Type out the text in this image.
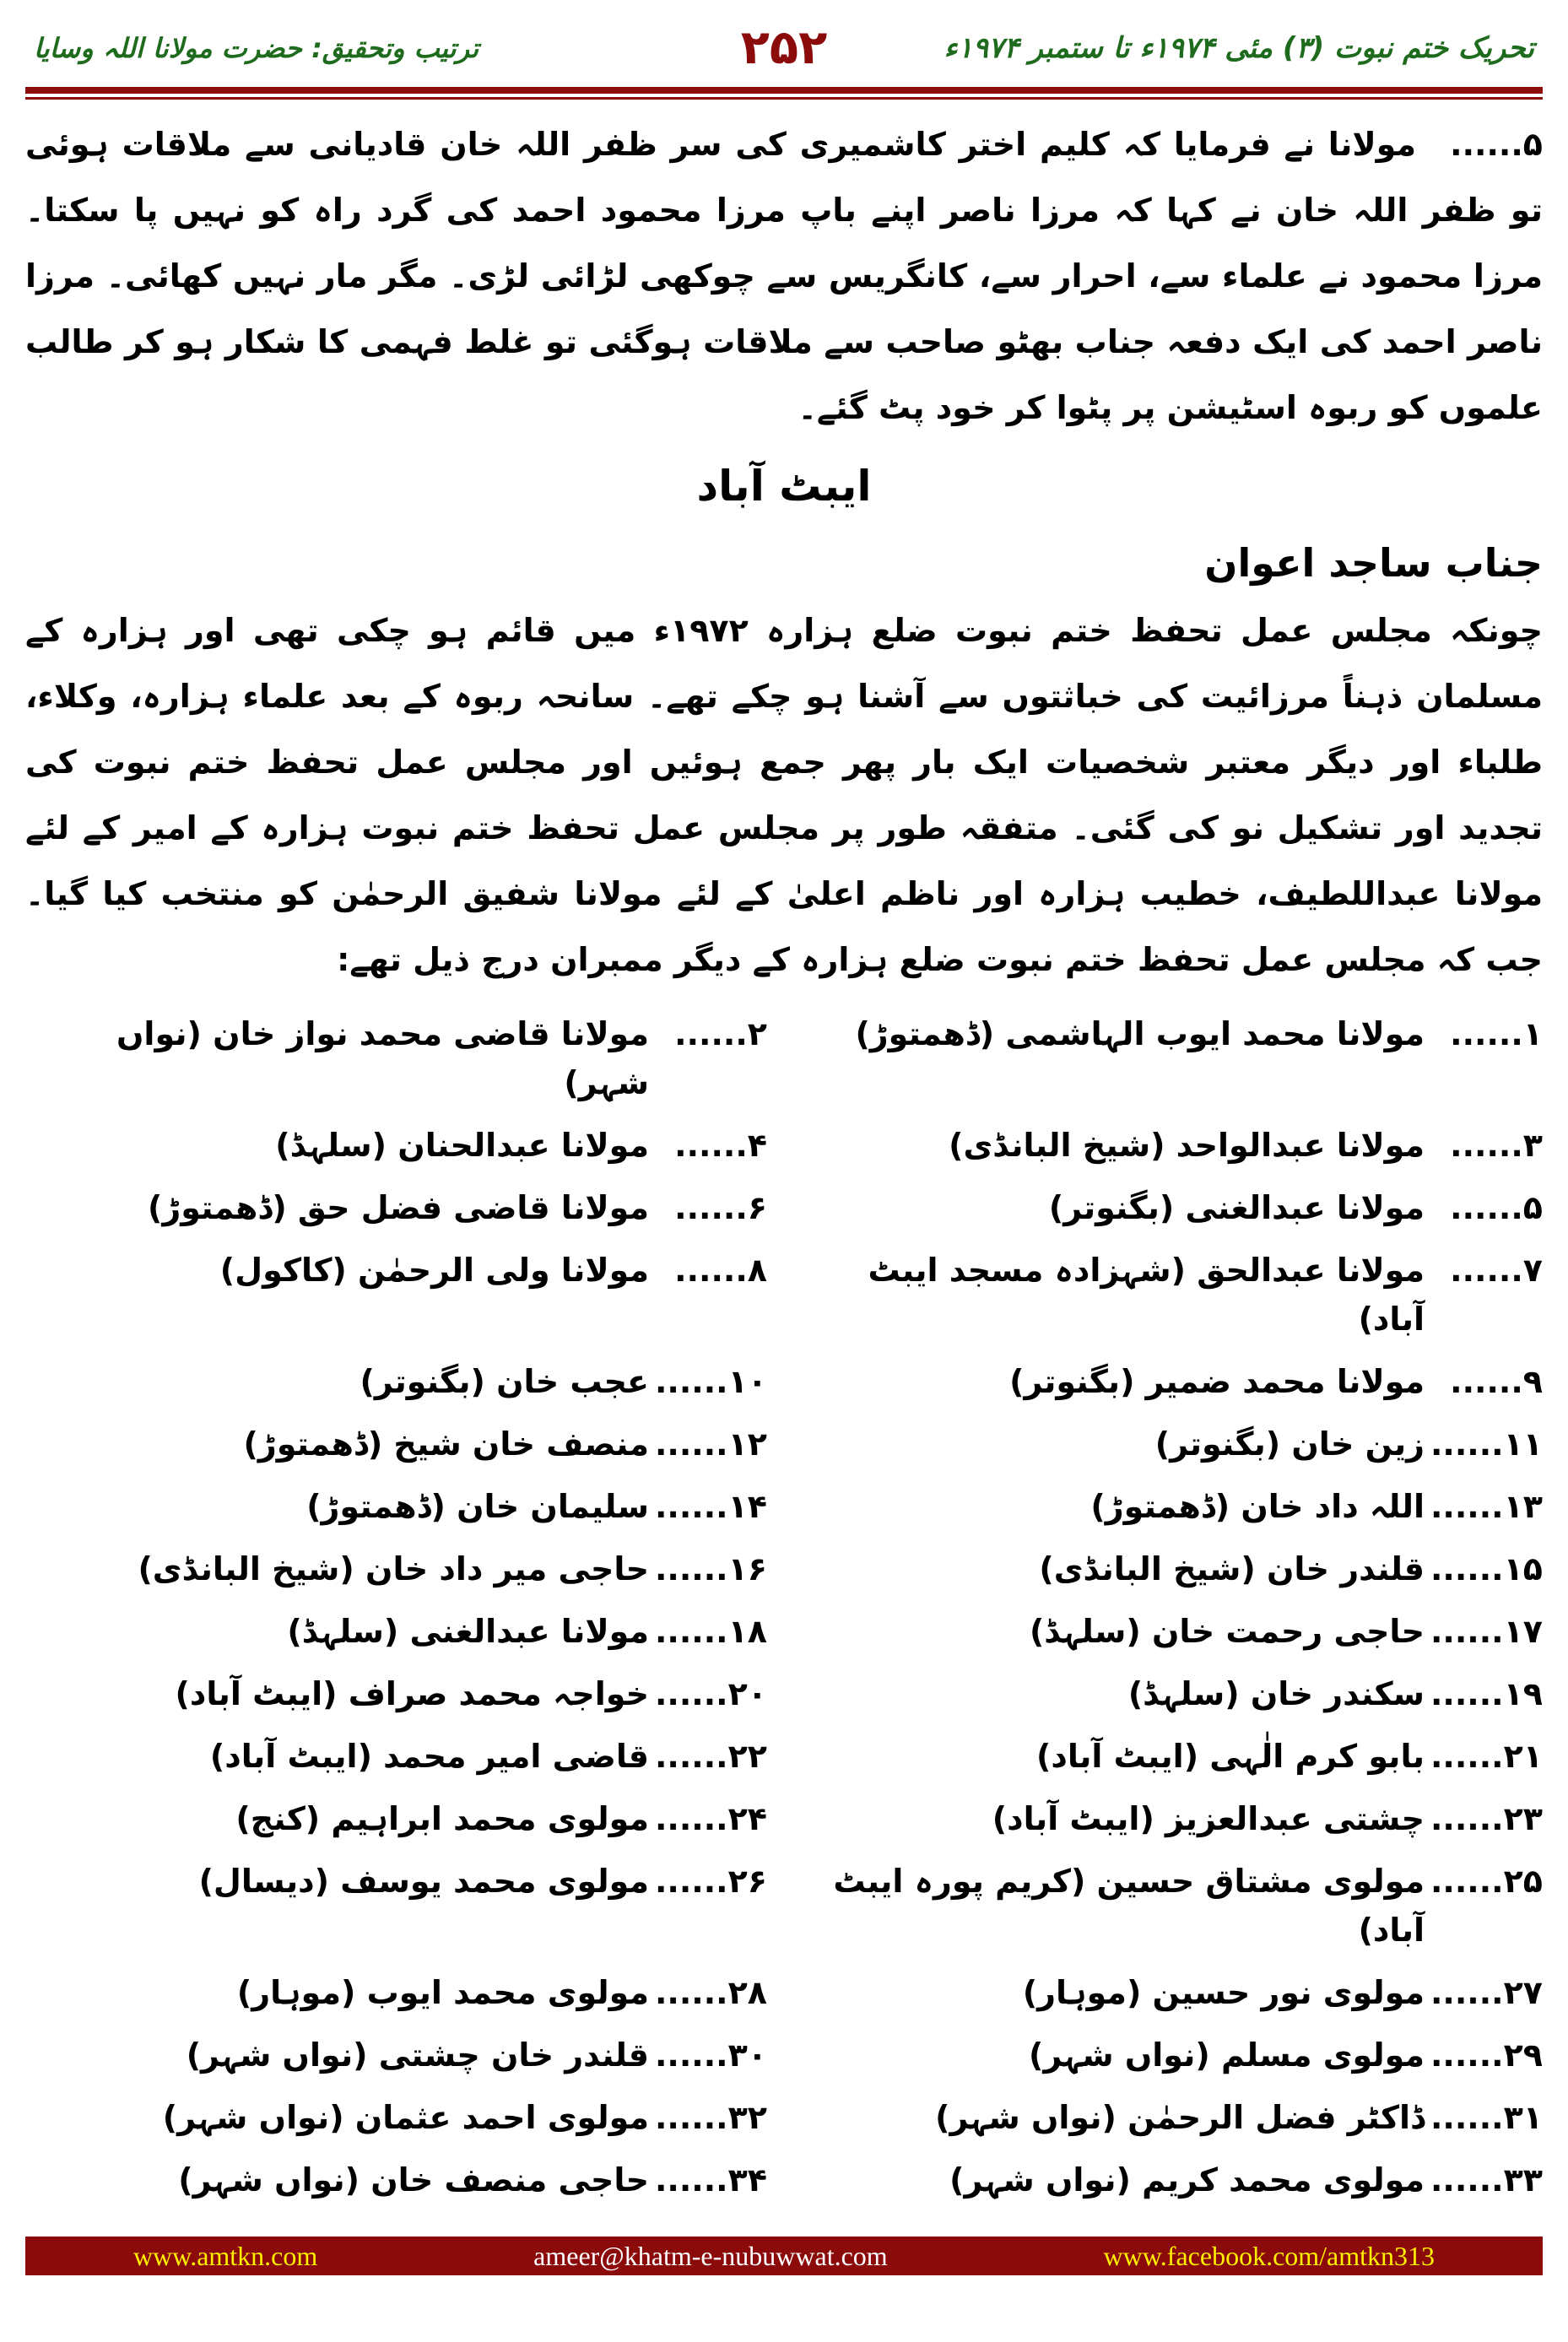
تحریک ختم نبوت (۳) مئی ۱۹۷۴ء تا ستمبر ۱۹۷۴ء
۲۵۲
ترتیب وتحقیق: حضرت مولانا اللہ وسایا
۵......مولانا نے فرمایا کہ کلیم اختر کاشمیری کی سر ظفر اللہ خان قادیانی سے ملاقات ہوئی تو ظفر اللہ خان نے کہا کہ مرزا ناصر اپنے باپ مرزا محمود احمد کی گرد راہ کو نہیں پا سکتا۔ مرزا محمود نے علماء سے، احرار سے، کانگریس سے چوکھی لڑائی لڑی۔ مگر مار نہیں کھائی۔ مرزا ناصر احمد کی ایک دفعہ جناب بھٹو صاحب سے ملاقات ہوگئی تو غلط فہمی کا شکار ہو کر طالب علموں کو ربوہ اسٹیشن پر پٹوا کر خود پٹ گئے۔
ایبٹ آباد
جناب ساجد اعوان
چونکہ مجلس عمل تحفظ ختم نبوت ضلع ہزارہ ۱۹۷۲ء میں قائم ہو چکی تھی اور ہزارہ کے مسلمان ذہناً مرزائیت کی خباثتوں سے آشنا ہو چکے تھے۔ سانحہ ربوہ کے بعد علماء ہزارہ، وکلاء، طلباء اور دیگر معتبر شخصیات ایک بار پھر جمع ہوئیں اور مجلس عمل تحفظ ختم نبوت کی تجدید اور تشکیل نو کی گئی۔ متفقہ طور پر مجلس عمل تحفظ ختم نبوت ہزارہ کے امیر کے لئے مولانا عبداللطیف، خطیب ہزارہ اور ناظم اعلیٰ کے لئے مولانا شفیق الرحمٰن کو منتخب کیا گیا۔ جب کہ مجلس عمل تحفظ ختم نبوت ضلع ہزارہ کے دیگر ممبران درج ذیل تھے:
۱......
مولانا محمد ایوب الہاشمی (ڈھمتوڑ)
۲......
مولانا قاضی محمد نواز خان (نواں شہر)
۳......
مولانا عبدالواحد (شیخ البانڈی)
۴......
مولانا عبدالحنان (سلہڈ)
۵......
مولانا عبدالغنی (بگنوتر)
۶......
مولانا قاضی فضل حق (ڈھمتوڑ)
۷......
مولانا عبدالحق (شہزادہ مسجد ایبٹ آباد)
۸......
مولانا ولی الرحمٰن (کاکول)
۹......
مولانا محمد ضمیر (بگنوتر)
۱۰......
عجب خان (بگنوتر)
۱۱......
زین خان (بگنوتر)
۱۲......
منصف خان شیخ (ڈھمتوڑ)
۱۳......
اللہ داد خان (ڈھمتوڑ)
۱۴......
سلیمان خان (ڈھمتوڑ)
۱۵......
قلندر خان (شیخ البانڈی)
۱۶......
حاجی میر داد خان (شیخ البانڈی)
۱۷......
حاجی رحمت خان (سلہڈ)
۱۸......
مولانا عبدالغنی (سلہڈ)
۱۹......
سکندر خان (سلہڈ)
۲۰......
خواجہ محمد صراف (ایبٹ آباد)
۲۱......
بابو کرم الٰہی (ایبٹ آباد)
۲۲......
قاضی امیر محمد (ایبٹ آباد)
۲۳......
چشتی عبدالعزیز (ایبٹ آباد)
۲۴......
مولوی محمد ابراہیم (کنج)
۲۵......
مولوی مشتاق حسین (کریم پورہ ایبٹ آباد)
۲۶......
مولوی محمد یوسف (دیسال)
۲۷......
مولوی نور حسین (موہار)
۲۸......
مولوی محمد ایوب (موہار)
۲۹......
مولوی مسلم (نواں شہر)
۳۰......
قلندر خان چشتی (نواں شہر)
۳۱......
ڈاکٹر فضل الرحمٰن (نواں شہر)
۳۲......
مولوی احمد عثمان (نواں شہر)
۳۳......
مولوی محمد کریم (نواں شہر)
۳۴......
حاجی منصف خان (نواں شہر)
www.amtkn.com	ameer@khatm-e-nubuwwat.com	www.facebook.com/amtkn313
